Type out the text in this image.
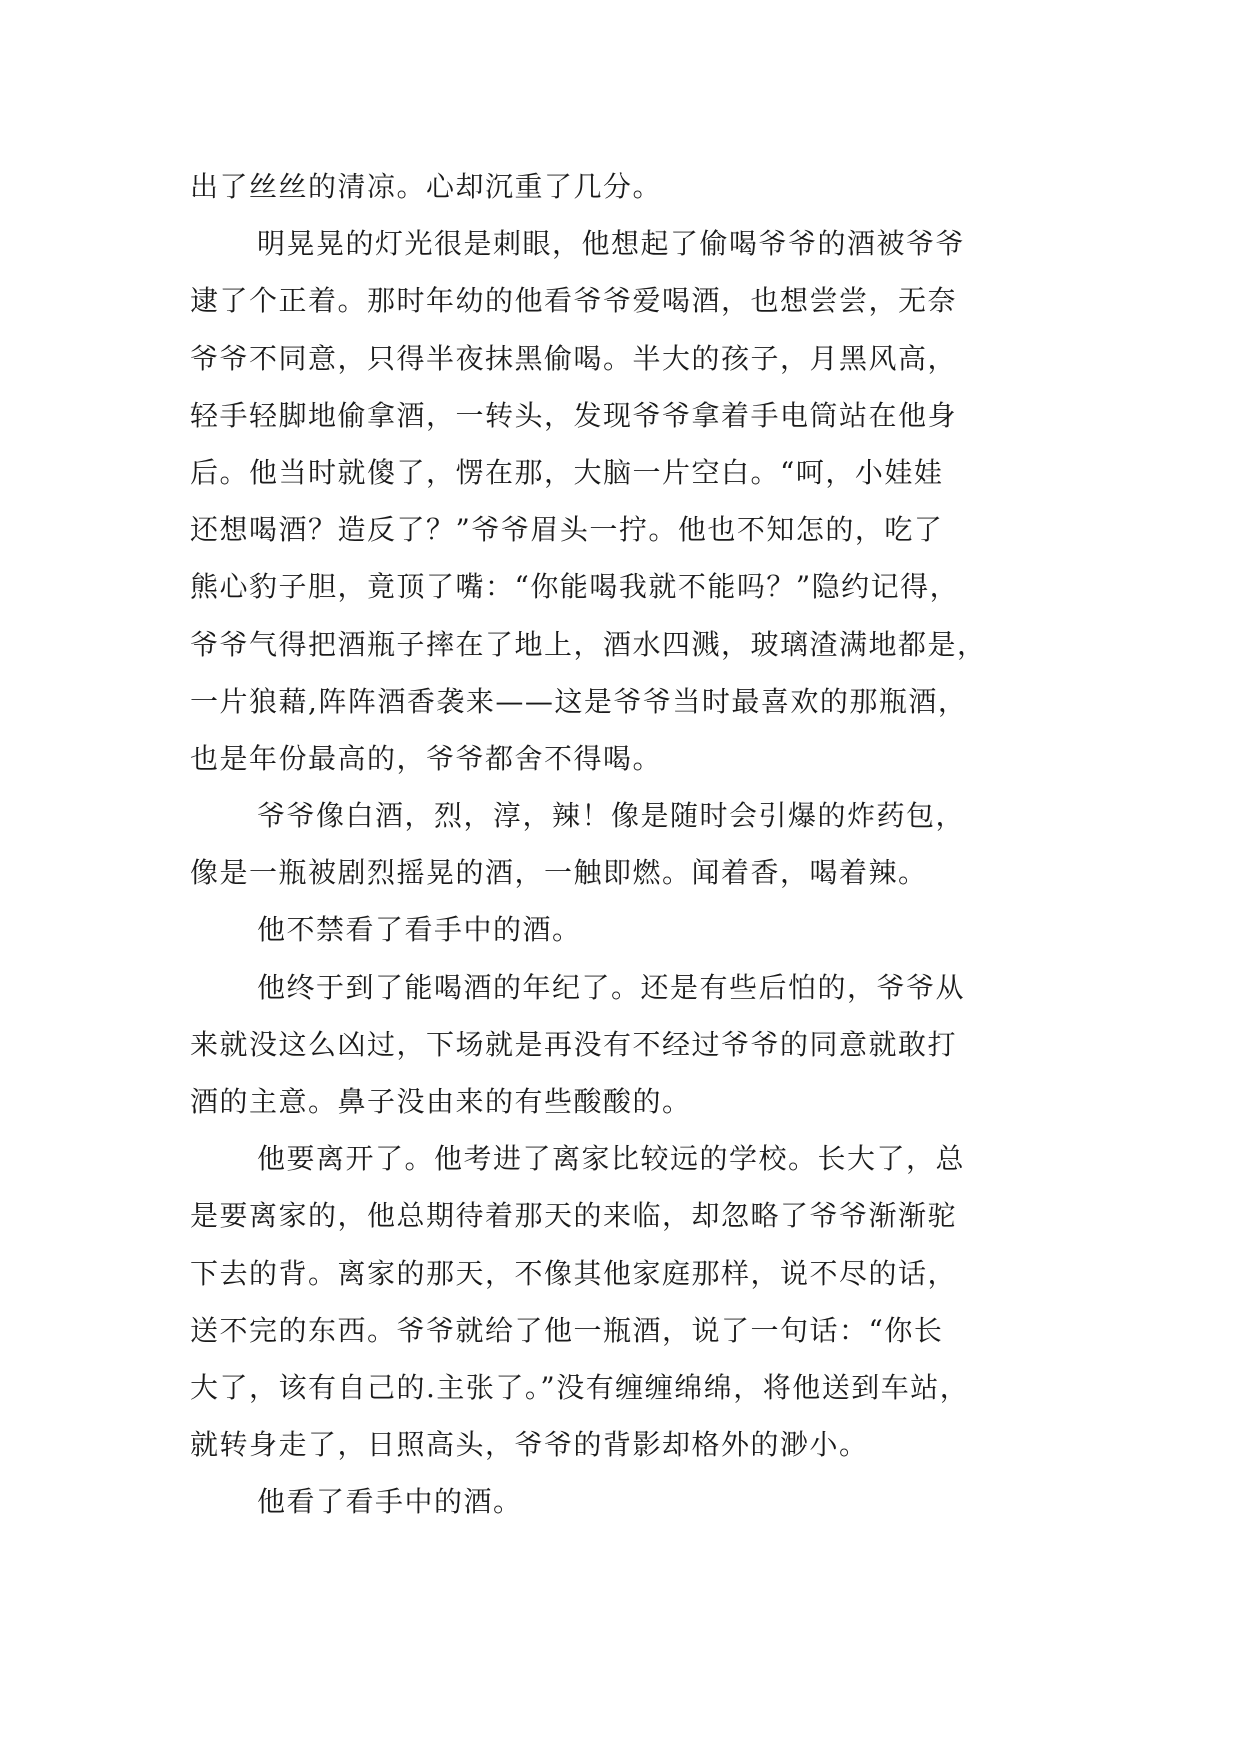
出了丝丝的清凉。心却沉重了几分。
明晃晃的灯光很是刺眼，他想起了偷喝爷爷的酒被爷爷
逮了个正着。那时年幼的他看爷爷爱喝酒，也想尝尝，无奈
爷爷不同意，只得半夜抹黑偷喝。半大的孩子，月黑风高，
轻手轻脚地偷拿酒，一转头，发现爷爷拿着手电筒站在他身
后。他当时就傻了，愣在那，大脑一片空白。“呵，小娃娃
还想喝酒？造反了？”爷爷眉头一拧。他也不知怎的，吃了
熊心豹子胆，竟顶了嘴：“你能喝我就不能吗？”隐约记得，
爷爷气得把酒瓶子摔在了地上，酒水四溅，玻璃渣满地都是，
一片狼藉,阵阵酒香袭来——这是爷爷当时最喜欢的那瓶酒，
也是年份最高的，爷爷都舍不得喝。
爷爷像白酒，烈，淳，辣！像是随时会引爆的炸药包，
像是一瓶被剧烈摇晃的酒，一触即燃。闻着香，喝着辣。
他不禁看了看手中的酒。
他终于到了能喝酒的年纪了。还是有些后怕的，爷爷从
来就没这么凶过，下场就是再没有不经过爷爷的同意就敢打
酒的主意。鼻子没由来的有些酸酸的。
他要离开了。他考进了离家比较远的学校。长大了，总
是要离家的，他总期待着那天的来临，却忽略了爷爷渐渐驼
下去的背。离家的那天，不像其他家庭那样，说不尽的话，
送不完的东西。爷爷就给了他一瓶酒，说了一句话：“你长
大了，该有自己的.主张了。”没有缠缠绵绵，将他送到车站，
就转身走了，日照高头，爷爷的背影却格外的渺小。
他看了看手中的酒。
